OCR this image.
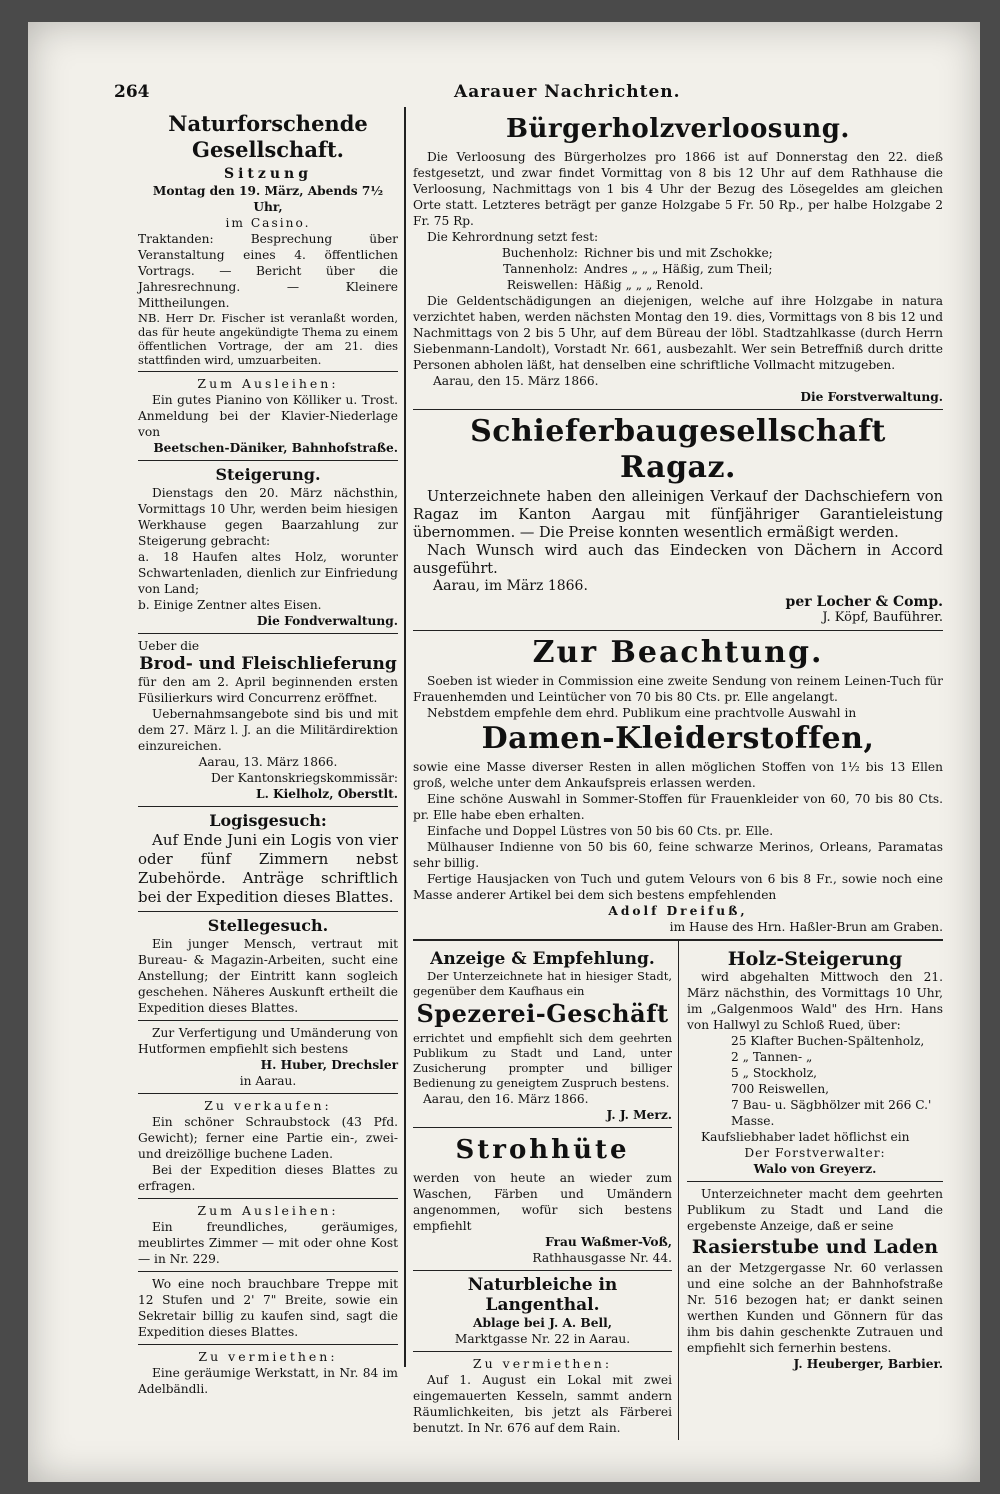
264	Aarauer Nachrichten.
Naturforschende Gesellschaft.
Sitzung
Montag den 19. März, Abends 7½ Uhr,
im Casino.

Traktanden: Besprechung über Veranstaltung eines 4. öffentlichen Vortrags. — Bericht über die Jahresrechnung. — Kleinere Mittheilungen.

NB. Herr Dr. Fischer ist veranlaßt worden, das für heute angekündigte Thema zu einem öffentlichen Vortrage, der am 21. dies stattfinden wird, umzuarbeiten.

Zum Ausleihen:

Ein gutes Pianino von Kölliker u. Trost. Anmeldung bei der Klavier-Niederlage von

Beetschen-Däniker, Bahnhofstraße.
Steigerung.

Dienstags den 20. März nächsthin, Vormittags 10 Uhr, werden beim hiesigen Werkhause gegen Baarzahlung zur Steigerung gebracht:

a. 18 Haufen altes Holz, worunter Schwartenladen, dienlich zur Einfriedung von Land;

b. Einige Zentner altes Eisen.

Die Fondverwaltung.
Ueber die
Brod- und Fleischlieferung

für den am 2. April beginnenden ersten Füsilierkurs wird Concurrenz eröffnet.

Uebernahmsangebote sind bis und mit dem 27. März l. J. an die Militärdirektion einzureichen.

Aarau, 13. März 1866.
Der Kantonskriegskommissär:
L. Kielholz, Oberstlt.
Logisgesuch:

Auf Ende Juni ein Logis von vier oder fünf Zimmern nebst Zubehörde. Anträge schriftlich bei der Expedition dieses Blattes.

Stellegesuch.

Ein junger Mensch, vertraut mit Bureau- & Magazin-Arbeiten, sucht eine Anstellung; der Eintritt kann sogleich geschehen. Näheres Auskunft ertheilt die Expedition dieses Blattes.

Zur Verfertigung und Umänderung von Hutformen empfiehlt sich bestens

H. Huber, Drechsler
in Aarau.
Zu verkaufen:

Ein schöner Schraubstock (43 Pfd. Gewicht); ferner eine Partie ein-, zwei- und dreizöllige buchene Laden.

Bei der Expedition dieses Blattes zu erfragen.

Zum Ausleihen:

Ein freundliches, geräumiges, meublirtes Zimmer — mit oder ohne Kost — in Nr. 229.

Wo eine noch brauchbare Treppe mit 12 Stufen und 2' 7" Breite, sowie ein Sekretair billig zu kaufen sind, sagt die Expedition dieses Blattes.

Zu vermiethen:

Eine geräumige Werkstatt, in Nr. 84 im Adelbändli.

Bürgerholzverloosung.

Die Verloosung des Bürgerholzes pro 1866 ist auf Donnerstag den 22. dieß festgesetzt, und zwar findet Vormittag von 8 bis 12 Uhr auf dem Rathhause die Verloosung, Nachmittags von 1 bis 4 Uhr der Bezug des Lösegeldes am gleichen Orte statt. Letzteres beträgt per ganze Holzgabe 5 Fr. 50 Rp., per halbe Holzgabe 2 Fr. 75 Rp.

Die Kehrordnung setzt fest:

Buchenholz: Richner bis und mit Zschokke;
Tannenholz: Andres „ „ „ Häßig, zum Theil;
Reiswellen: Häßig „ „ „ Renold.

Die Geldentschädigungen an diejenigen, welche auf ihre Holzgabe in natura verzichtet haben, werden nächsten Montag den 19. dies, Vormittags von 8 bis 12 und Nachmittags von 2 bis 5 Uhr, auf dem Büreau der löbl. Stadtzahlkasse (durch Herrn Siebenmann-Landolt), Vorstadt Nr. 661, ausbezahlt. Wer sein Betreffniß durch dritte Personen abholen läßt, hat denselben eine schriftliche Vollmacht mitzugeben.

Aarau, den 15. März 1866.
Die Forstverwaltung.
Schieferbaugesellschaft Ragaz.

Unterzeichnete haben den alleinigen Verkauf der Dachschiefern von Ragaz im Kanton Aargau mit fünfjähriger Garantieleistung übernommen. — Die Preise konnten wesentlich ermäßigt werden.

Nach Wunsch wird auch das Eindecken von Dächern in Accord ausgeführt.

Aarau, im März 1866.
per Locher & Comp.
J. Köpf, Bauführer.
Zur Beachtung.

Soeben ist wieder in Commission eine zweite Sendung von reinem Leinen-Tuch für Frauenhemden und Leintücher von 70 bis 80 Cts. pr. Elle angelangt.

Nebstdem empfehle dem ehrd. Publikum eine prachtvolle Auswahl in

Damen-Kleiderstoffen,

sowie eine Masse diverser Resten in allen möglichen Stoffen von 1½ bis 13 Ellen groß, welche unter dem Ankaufspreis erlassen werden.

Eine schöne Auswahl in Sommer-Stoffen für Frauenkleider von 60, 70 bis 80 Cts. pr. Elle habe eben erhalten.

Einfache und Doppel Lüstres von 50 bis 60 Cts. pr. Elle.

Mülhauser Indienne von 50 bis 60, feine schwarze Merinos, Orleans, Paramatas sehr billig.

Fertige Hausjacken von Tuch und gutem Velours von 6 bis 8 Fr., sowie noch eine Masse anderer Artikel bei dem sich bestens empfehlenden

Adolf Dreifuß,
im Hause des Hrn. Haßler-Brun am Graben.
Anzeige & Empfehlung.

Der Unterzeichnete hat in hiesiger Stadt, gegenüber dem Kaufhaus ein

Spezerei-Geschäft

errichtet und empfiehlt sich dem geehrten Publikum zu Stadt und Land, unter Zusicherung prompter und billiger Bedienung zu geneigtem Zuspruch bestens.

Aarau, den 16. März 1866.
J. J. Merz.
Strohhüte

werden von heute an wieder zum Waschen, Färben und Umändern angenommen, wofür sich bestens empfiehlt

Frau Waßmer-Voß,
Rathhausgasse Nr. 44.
Naturbleiche in Langenthal.
Ablage bei J. A. Bell,
Marktgasse Nr. 22 in Aarau.
Zu vermiethen:

Auf 1. August ein Lokal mit zwei eingemauerten Kesseln, sammt andern Räumlichkeiten, bis jetzt als Färberei benutzt. In Nr. 676 auf dem Rain.

Holz-Steigerung

wird abgehalten Mittwoch den 21. März nächsthin, des Vormittags 10 Uhr, im „Galgenmoos Wald" des Hrn. Hans von Hallwyl zu Schloß Rued, über:

25 Klafter Buchen-Spältenholz,
2 „ Tannen- „
5 „ Stockholz,
700 Reiswellen,
7 Bau- u. Sägbhölzer mit 266 C.' Masse.

Kaufsliebhaber ladet höflichst ein

Der Forstverwalter:
Walo von Greyerz.

Unterzeichneter macht dem geehrten Publikum zu Stadt und Land die ergebenste Anzeige, daß er seine

Rasierstube und Laden

an der Metzgergasse Nr. 60 verlassen und eine solche an der Bahnhofstraße Nr. 516 bezogen hat; er dankt seinen werthen Kunden und Gönnern für das ihm bis dahin geschenkte Zutrauen und empfiehlt sich fernerhin bestens.

J. Heuberger, Barbier.
